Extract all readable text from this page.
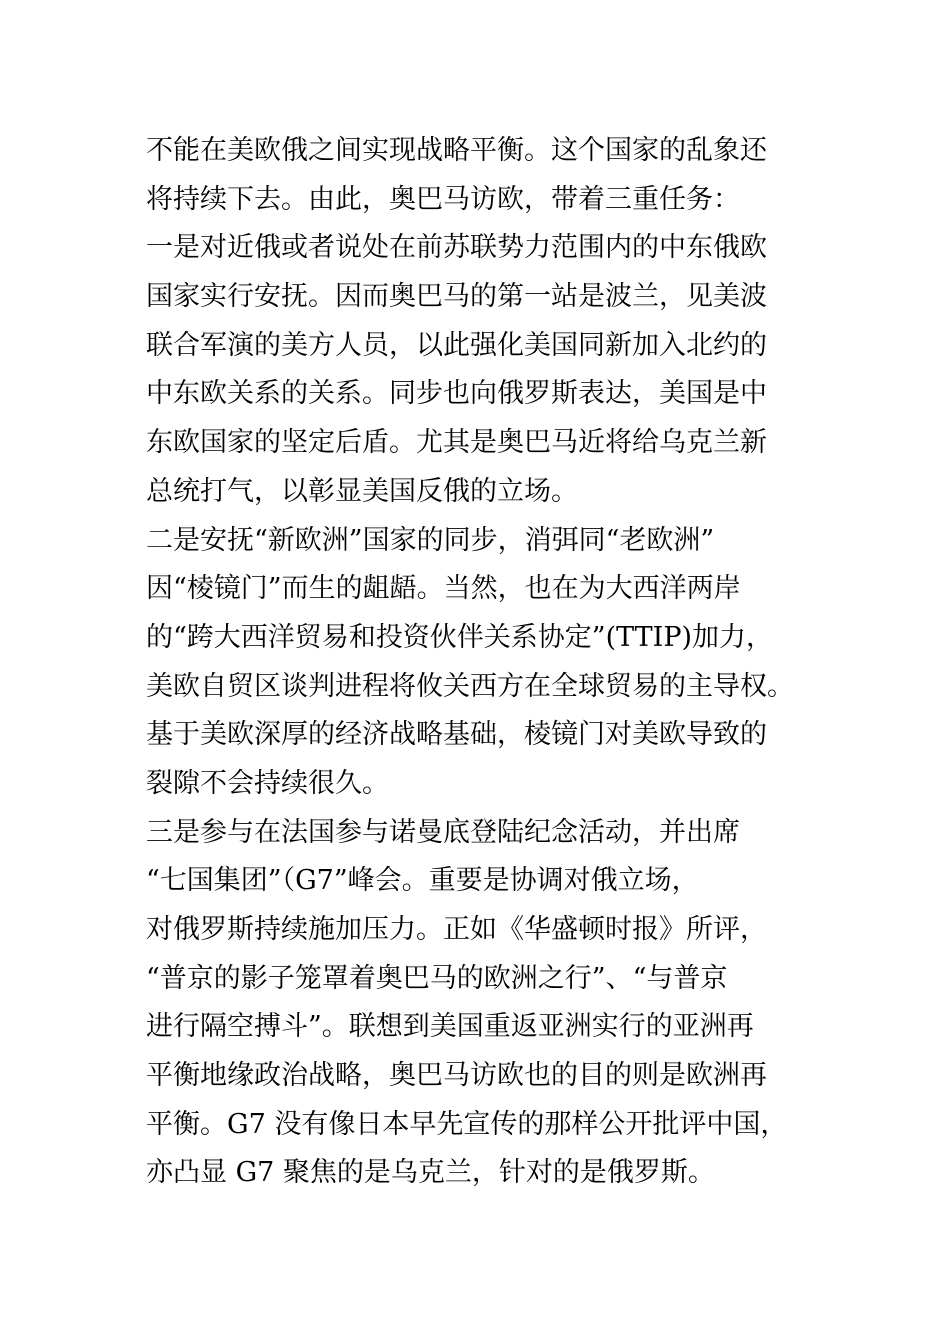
不能在美欧俄之间实现战略平衡。这个国家的乱象还
将持续下去。由此，奥巴马访欧，带着三重任务：
一是对近俄或者说处在前苏联势力范围内的中东俄欧
国家实行安抚。因而奥巴马的第一站是波兰，见美波
联合军演的美方人员，以此强化美国同新加入北约的
中东欧关系的关系。同步也向俄罗斯表达，美国是中
东欧国家的坚定后盾。尤其是奥巴马近将给乌克兰新
总统打气，以彰显美国反俄的立场。
二是安抚“新欧洲”国家的同步，消弭同“老欧洲”
因“棱镜门”而生的龃龉。当然，也在为大西洋两岸
的“跨大西洋贸易和投资伙伴关系协定”(TTIP)加力，
美欧自贸区谈判进程将攸关西方在全球贸易的主导权。
基于美欧深厚的经济战略基础，棱镜门对美欧导致的
裂隙不会持续很久。
三是参与在法国参与诺曼底登陆纪念活动，并出席
“七国集团”（G7”峰会。重要是协调对俄立场，
对俄罗斯持续施加压力。正如《华盛顿时报》所评，
“普京的影子笼罩着奥巴马的欧洲之行”、“与普京
进行隔空搏斗”。联想到美国重返亚洲实行的亚洲再
平衡地缘政治战略，奥巴马访欧也的目的则是欧洲再
平衡。G7 没有像日本早先宣传的那样公开批评中国，
亦凸显 G7 聚焦的是乌克兰，针对的是俄罗斯。
